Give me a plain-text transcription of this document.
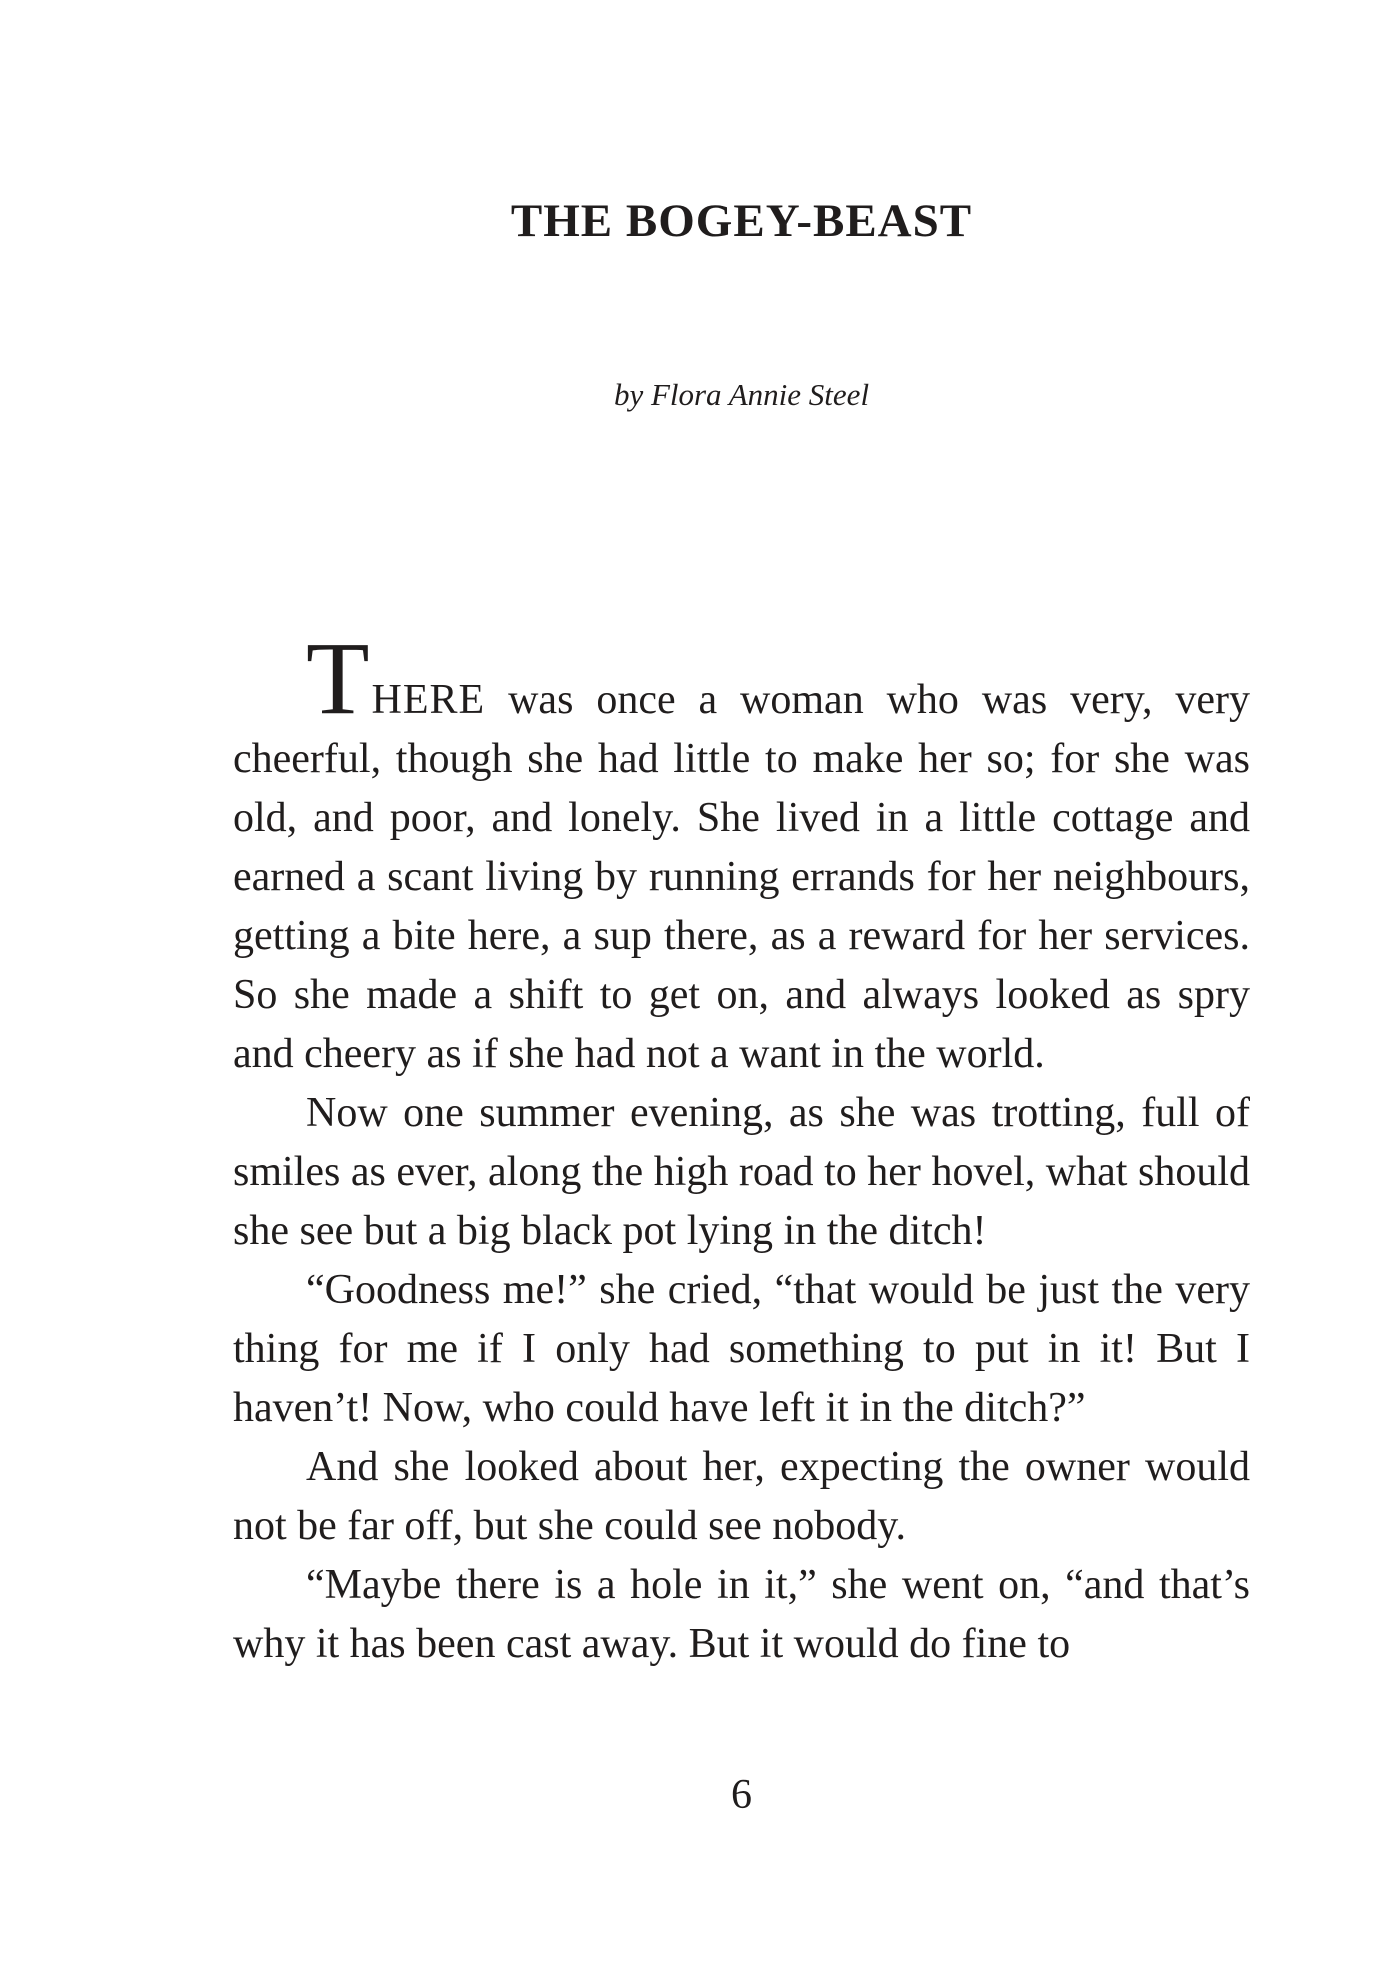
THE BOGEY-BEAST
by Flora Annie Steel

THERE was once a woman who was very, very cheerful, though she had little to make her so; for she was old, and poor, and lonely. She lived in a little cottage and earned a scant living by running errands for her neighbours, getting a bite here, a sup there, as a reward for her services. So she made a shift to get on, and always looked as spry and cheery as if she had not a want in the world.

Now one summer evening, as she was trotting, full of smiles as ever, along the high road to her hovel, what should she see but a big black pot lying in the ditch!

“Goodness me!” she cried, “that would be just the very thing for me if I only had something to put in it! But I haven’t! Now, who could have left it in the ditch?”

And she looked about her, expecting the owner would not be far off, but she could see nobody.

“Maybe there is a hole in it,” she went on, “and that’s why it has been cast away. But it would do fine to

6
